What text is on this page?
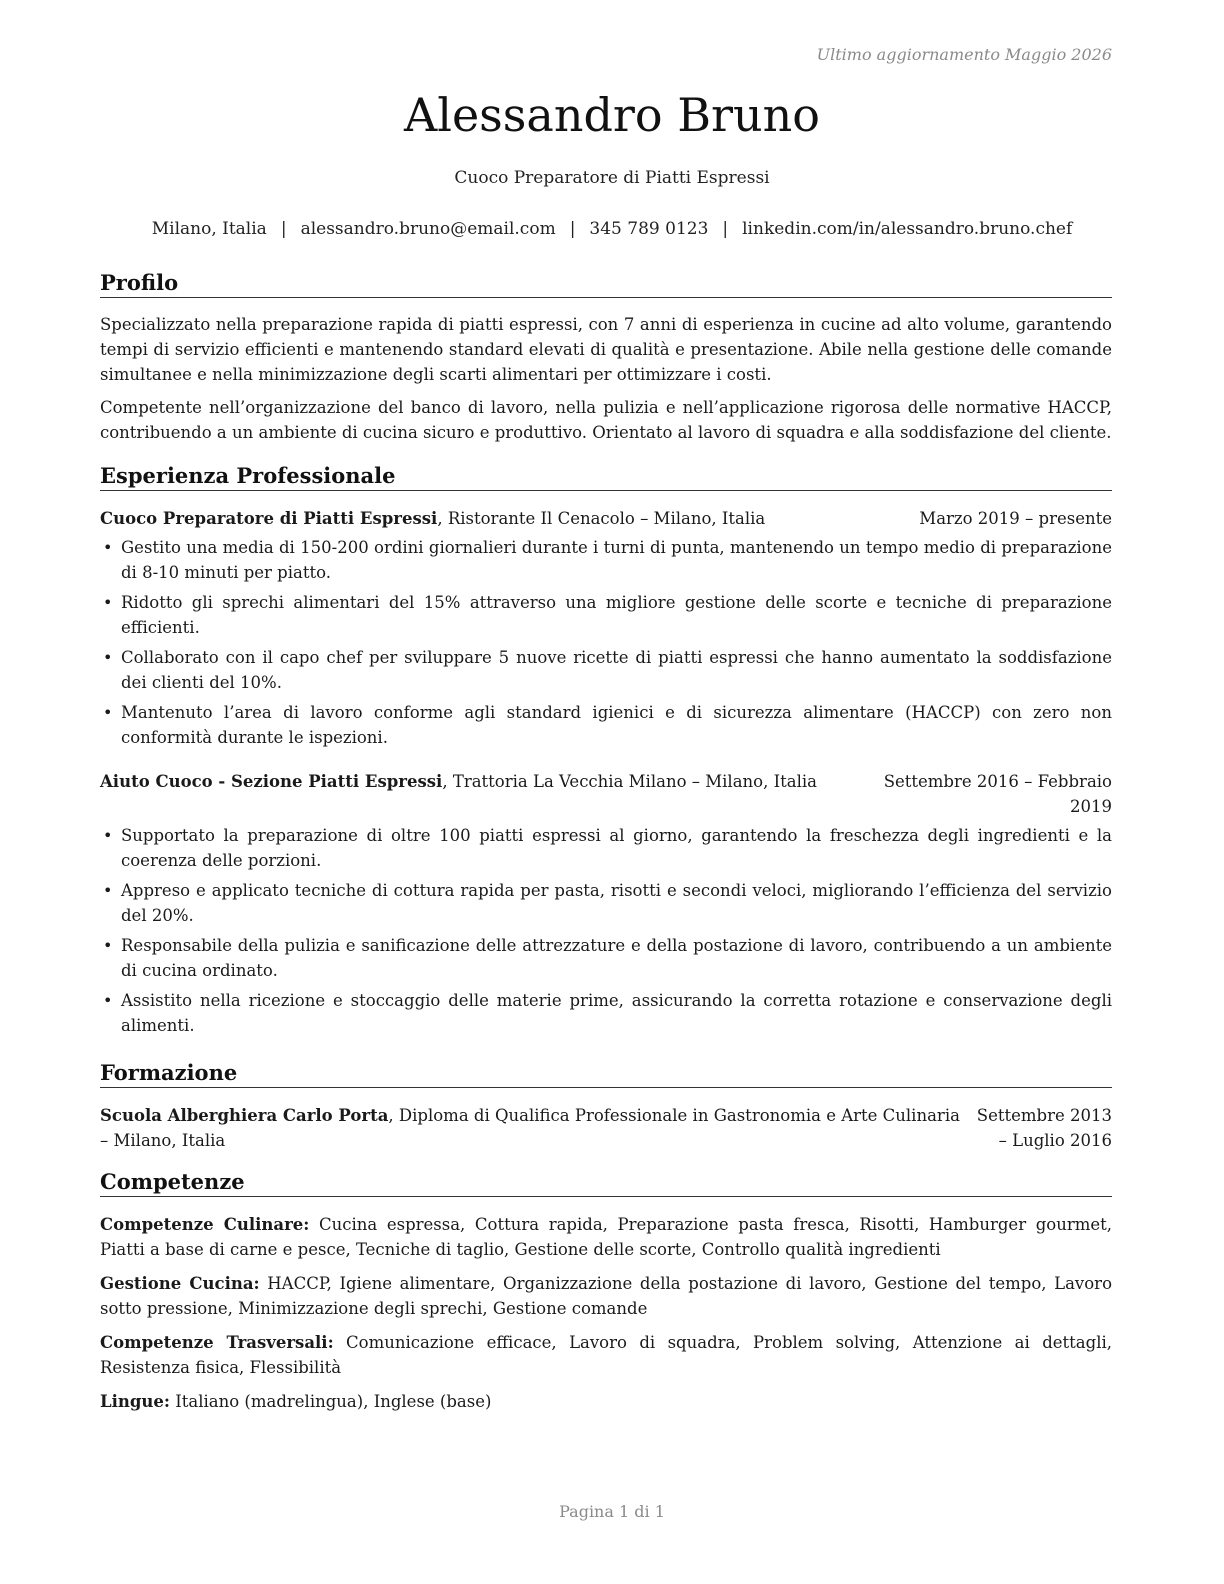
Ultimo aggiornamento Maggio 2026
Alessandro Bruno
Cuoco Preparatore di Piatti Espressi
Milano, Italia | alessandro.bruno@email.com | 345 789 0123 | linkedin.com/in/alessandro.bruno.chef
Profilo

Specializzato nella preparazione rapida di piatti espressi, con 7 anni di esperienza in cucine ad alto volume, garantendo tempi di servizio efficienti e mantenendo standard elevati di qualità e presentazione. Abile nella gestione delle comande simultanee e nella minimizzazione degli scarti alimentari per ottimizzare i costi.

Competente nell’organizzazione del banco di lavoro, nella pulizia e nell’applicazione rigorosa delle normative HACCP, contribuendo a un ambiente di cucina sicuro e produttivo. Orientato al lavoro di squadra e alla soddisfazione del cliente.

Esperienza Professionale
Cuoco Preparatore di Piatti Espressi, Ristorante Il Cenacolo – Milano, Italia	Marzo 2019 – presente
• Gestito una media di 150-200 ordini giornalieri durante i turni di punta, mantenendo un tempo medio di preparazione di 8-10 minuti per piatto.
• Ridotto gli sprechi alimentari del 15% attraverso una migliore gestione delle scorte e tecniche di preparazione efficienti.
• Collaborato con il capo chef per sviluppare 5 nuove ricette di piatti espressi che hanno aumentato la soddisfazione dei clienti del 10%.
• Mantenuto l’area di lavoro conforme agli standard igienici e di sicurezza alimentare (HACCP) con zero non conformità durante le ispezioni.
Aiuto Cuoco - Sezione Piatti Espressi, Trattoria La Vecchia Milano – Milano, Italia	Settembre 2016 – Febbraio 2019
• Supportato la preparazione di oltre 100 piatti espressi al giorno, garantendo la freschezza degli ingredienti e la coerenza delle porzioni.
• Appreso e applicato tecniche di cottura rapida per pasta, risotti e secondi veloci, migliorando l’efficienza del servizio del 20%.
• Responsabile della pulizia e sanificazione delle attrezzature e della postazione di lavoro, contribuendo a un ambiente di cucina ordinato.
• Assistito nella ricezione e stoccaggio delle materie prime, assicurando la corretta rotazione e conservazione degli alimenti.
Formazione
Scuola Alberghiera Carlo Porta, Diploma di Qualifica Professionale in Gastronomia e Arte Culinaria – Milano, Italia
Settembre 2013 – Luglio 2016
Competenze

Competenze Culinare: Cucina espressa, Cottura rapida, Preparazione pasta fresca, Risotti, Hamburger gourmet, Piatti a base di carne e pesce, Tecniche di taglio, Gestione delle scorte, Controllo qualità ingredienti

Gestione Cucina: HACCP, Igiene alimentare, Organizzazione della postazione di lavoro, Gestione del tempo, Lavoro sotto pressione, Minimizzazione degli sprechi, Gestione comande

Competenze Trasversali: Comunicazione efficace, Lavoro di squadra, Problem solving, Attenzione ai dettagli, Resistenza fisica, Flessibilità

Lingue: Italiano (madrelingua), Inglese (base)

Pagina 1 di 1
